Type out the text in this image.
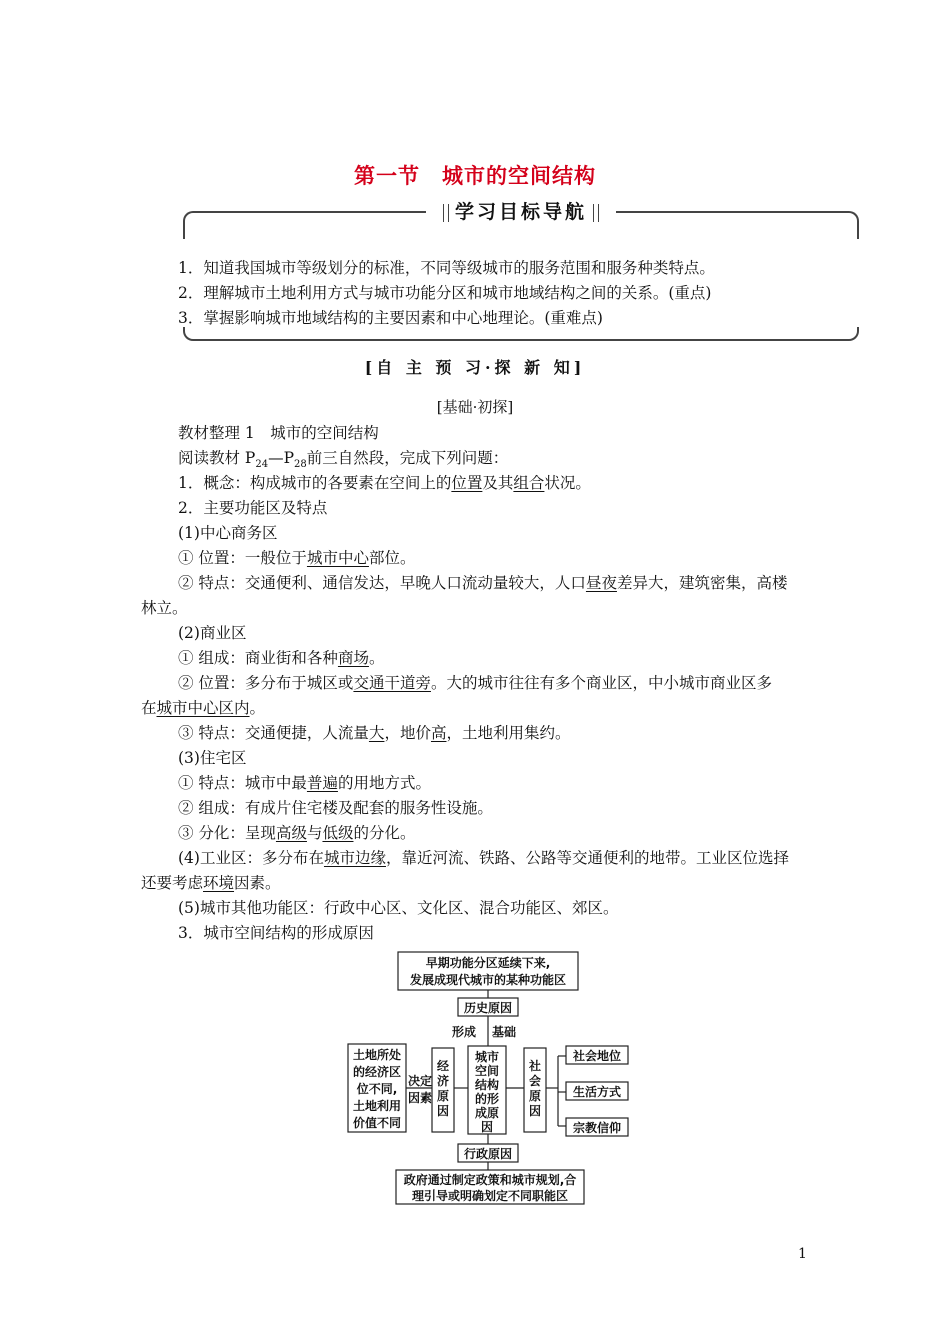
第一节　城市的空间结构
学习目标导航
1．知道我国城市等级划分的标准，不同等级城市的服务范围和服务种类特点。
2．理解城市土地利用方式与城市功能分区和城市地域结构之间的关系。(重点)
3．掌握影响城市地域结构的主要因素和中心地理论。(重难点)
[自 主 预 习·探 新 知]
[基础·初探]
教材整理 1　城市的空间结构
阅读教材 $P_{24}—P_{28}$前三自然段，完成下列问题：
1．概念：构成城市的各要素在空间上的位置及其组合状况。
2．主要功能区及特点
(1)中心商务区
① 位置：一般位于城市中心部位。
② 特点：交通便利、通信发达，早晚人口流动量较大，人口昼夜差异大，建筑密集，高楼
林立。
(2)商业区
① 组成：商业街和各种商场。
② 位置：多分布于城区或交通干道旁。大的城市往往有多个商业区，中小城市商业区多
在城市中心区内。
③ 特点：交通便捷，人流量大，地价高，土地利用集约。
(3)住宅区
① 特点：城市中最普遍的用地方式。
② 组成：有成片住宅楼及配套的服务性设施。
③ 分化：呈现高级与低级的分化。
(4)工业区：多分布在城市边缘，靠近河流、铁路、公路等交通便利的地带。工业区位选择
还要考虑环境因素。
(5)城市其他功能区：行政中心区、文化区、混合功能区、郊区。
3．城市空间结构的形成原因
早期功能分区延续下来,
发展成现代城市的某种功能区
历史原因
形成 基础
土地所处
的经济区
位不同,
土地利用
价值不同
决定
因素
经
济
原
因
城市
空间
结构
的形
成原
因
社
会
原
因
社会地位
生活方式
宗教信仰
行政原因
政府通过制定政策和城市规划,合
理引导或明确划定不同职能区
1
